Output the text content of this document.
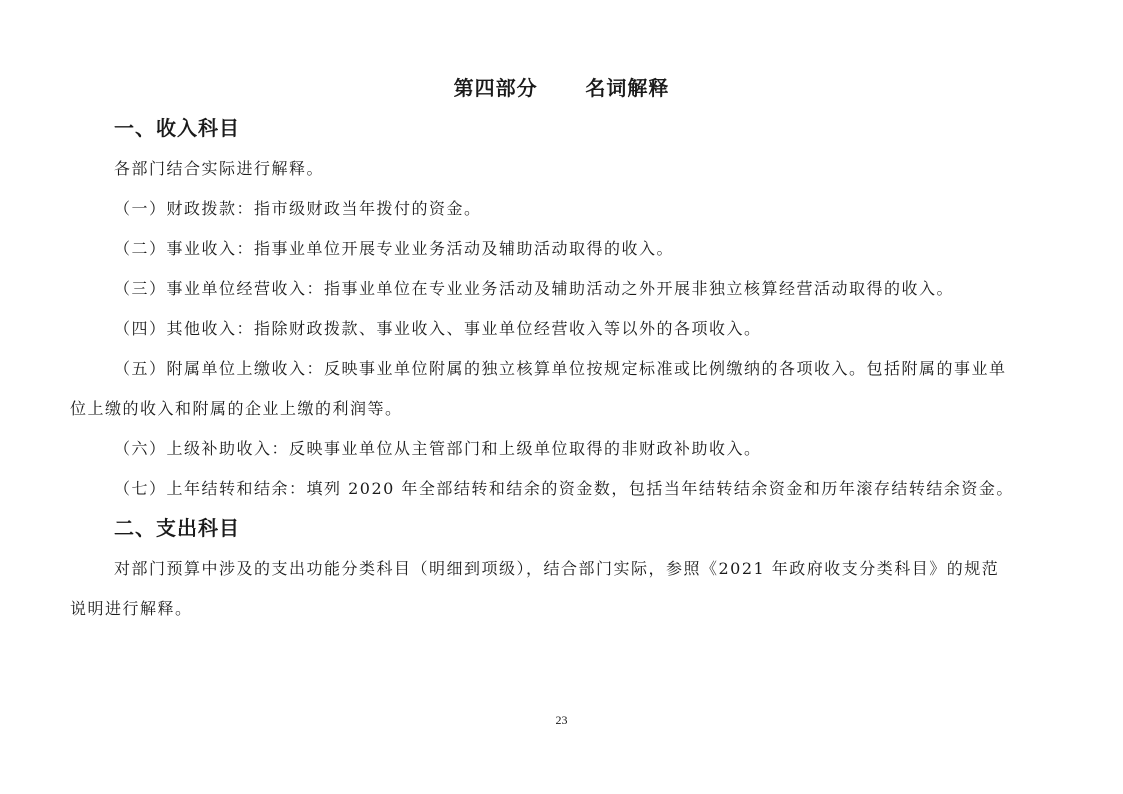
第四部分      名词解释
一、收入科目
各部门结合实际进行解释。
（一）财政拨款：指市级财政当年拨付的资金。
（二）事业收入：指事业单位开展专业业务活动及辅助活动取得的收入。
（三）事业单位经营收入：指事业单位在专业业务活动及辅助活动之外开展非独立核算经营活动取得的收入。
（四）其他收入：指除财政拨款、事业收入、事业单位经营收入等以外的各项收入。
（五）附属单位上缴收入：反映事业单位附属的独立核算单位按规定标准或比例缴纳的各项收入。包括附属的事业单
位上缴的收入和附属的企业上缴的利润等。
（六）上级补助收入：反映事业单位从主管部门和上级单位取得的非财政补助收入。
（七）上年结转和结余：填列 2020 年全部结转和结余的资金数，包括当年结转结余资金和历年滚存结转结余资金。
二、支出科目
对部门预算中涉及的支出功能分类科目（明细到项级），结合部门实际，参照《2021 年政府收支分类科目》的规范
说明进行解释。
23
